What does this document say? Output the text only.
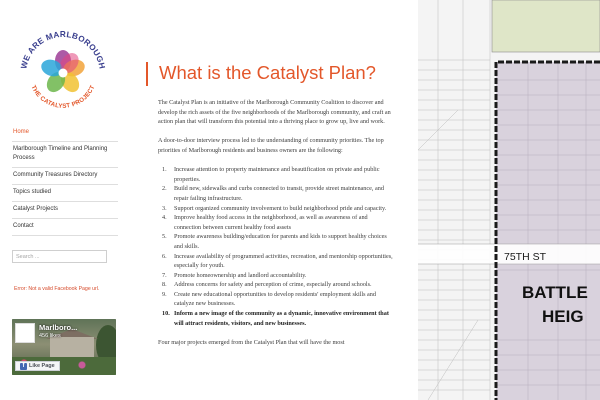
WE ARE MARLBOROUGH
THE CATALYST PROJECT
Home
Marlborough Timeline and Planning Process
Community Treasures Directory
Topics studied
Catalyst Projects
Contact
Search ...
Error: Not a valid Facebook Page url.
Marlboro...
456 likes
f Like Page
What is the Catalyst Plan?

The Catalyst Plan is an initiative of the Marlborough Community Coalition to discover and develop the rich assets of the five neighborhoods of the Marlborough community, and craft an action plan that will transform this potential into a thriving place to grow up, live and work.

A door-to-door interview process led to the understanding of community priorities. The top priorities of Marlborough residents and business owners are the following:

1.	Increase attention to property maintenance and beautification on private and public properties.
2.	Build new, sidewalks and curbs connected to transit, provide street maintenance, and repair failing infrastructure.
3.	Support organized community involvement to build neighborhood pride and capacity.
4.	Improve healthy food access in the neighborhood, as well as awareness of and connection between current healthy food assets
5.	Promote awareness building/education for parents and kids to support healthy choices and skills.
6.	Increase availability of programmed activities, recreation, and mentorship opportunities, especially for youth.
7.	Promote homeownership and landlord accountability.
8.	Address concerns for safety and perception of crime, especially around schools.
9.	Create new educational opportunities to develop residents' employment skills and catalyze new businesses.
10. Inform a new image of the community as a dynamic, innovative environment that will attract residents, visitors, and new businesses.

Four major projects emerged from the Catalyst Plan that will have the most

75TH ST
BATTLE
HEIG
